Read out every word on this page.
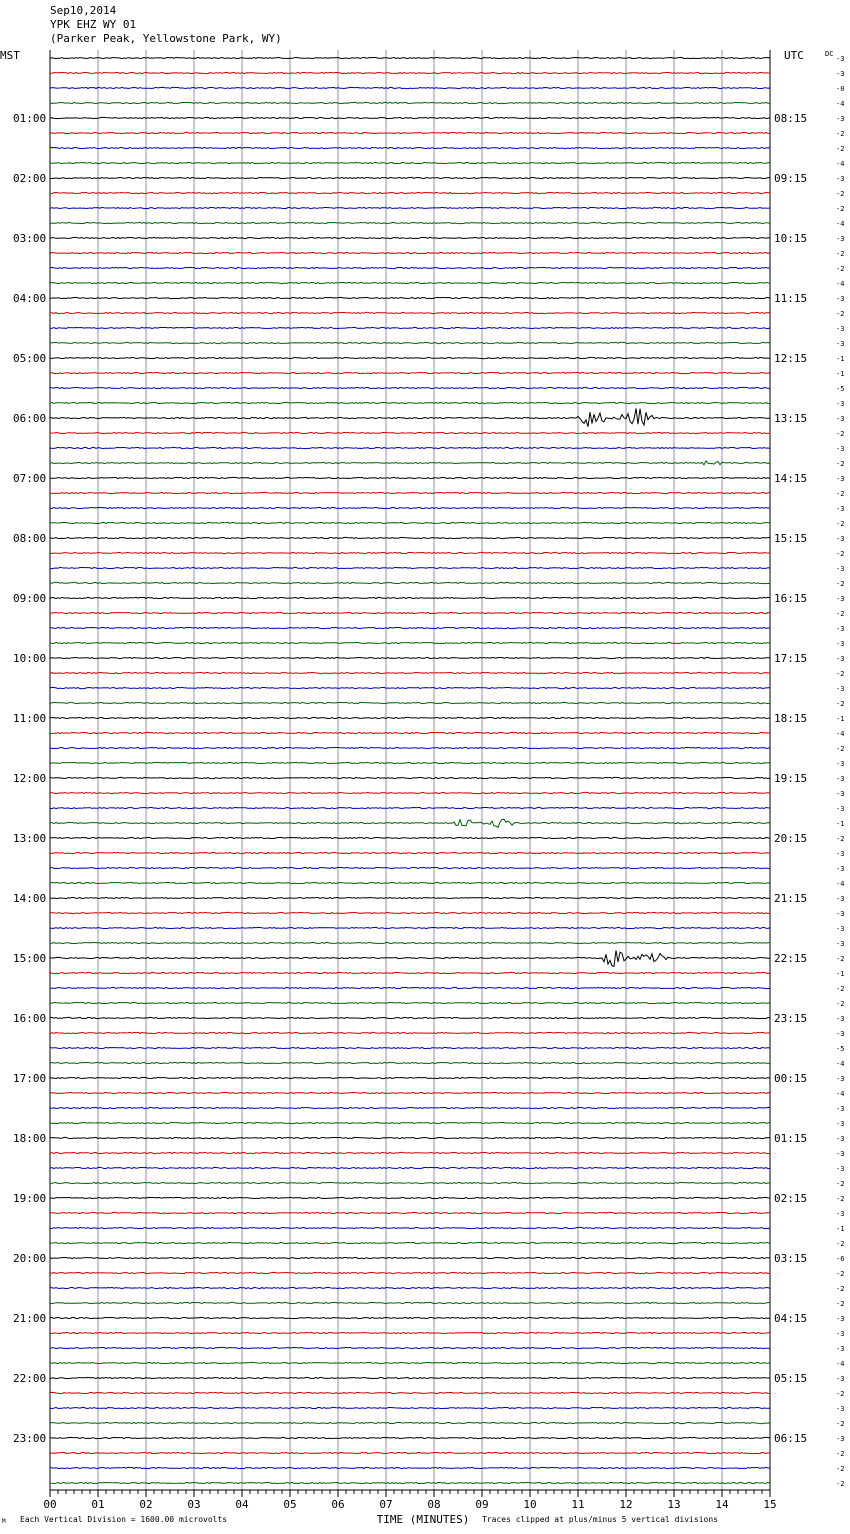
Sep10,2014
YPK EHZ WY 01
(Parker Peak, Yellowstone Park, WY)
MST	UTC
01:00
02:00
03:00
04:00
05:00
06:00
07:00
08:00
09:00
10:00
11:00
12:00
13:00
14:00
15:00
16:00
17:00
18:00
19:00
20:00
21:00
22:00
23:00
08:15
09:15
10:15
11:15
12:15
13:15
14:15
15:15
16:15
17:15
18:15
19:15
20:15
21:15
22:15
23:15
00:15
01:15
02:15
03:15
04:15
05:15
06:15
DC
-3
-3
-0
-4
-3
-2
-2
-4
-3
-2
-2
-4
-3
-2
-2
-4
-3
-2
-3
-3
-1
-1
-5
-3
-3
-2
-3
-2
-3
-2
-3
-2
-3
-2
-3
-2
-3
-2
-3
-3
-3
-2
-3
-2
-1
-4
-2
-3
-3
-3
-3
-1
-2
-3
-3
-4
-3
-3
-3
-3
-2
-1
-2
-2
-3
-3
-5
-4
-3
-4
-3
-3
-3
-3
-3
-2
-2
-3
-1
-2
-6
-2
-2
-2
-3
-3
-3
-4
-3
-2
-3
-2
-3
-2
-2
-2
00	01	02	03	04	05	06	07	08	09	10	11	12	13	14	15
TIME (MINUTES)
Each Vertical Division = 1600.00 microvolts	Traces clipped at plus/minus 5 vertical divisions
M
